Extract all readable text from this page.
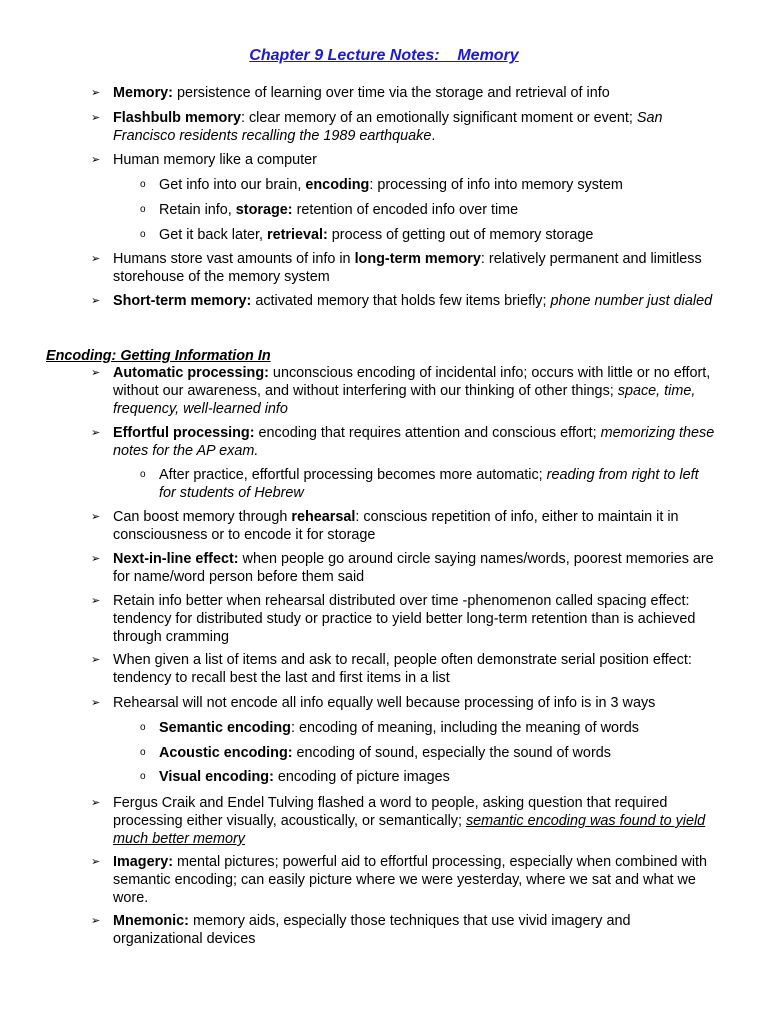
Chapter 9 Lecture Notes:    Memory
➢ Memory: persistence of learning over time via the storage and retrieval of info
➢ Flashbulb memory: clear memory of an emotionally significant moment or event; San Francisco residents recalling the 1989 earthquake.
➢ Human memory like a computer
o Get info into our brain, encoding: processing of info into memory system
o Retain info, storage: retention of encoded info over time
o Get it back later, retrieval: process of getting out of memory storage
➢ Humans store vast amounts of info in long-term memory: relatively permanent and limitless storehouse of the memory system
➢ Short-term memory: activated memory that holds few items briefly; phone number just dialed
Encoding: Getting Information In
➢ Automatic processing: unconscious encoding of incidental info; occurs with little or no effort, without our awareness, and without interfering with our thinking of other things; space, time, frequency, well-learned info
➢ Effortful processing: encoding that requires attention and conscious effort; memorizing these notes for the AP exam.
o After practice, effortful processing becomes more automatic; reading from right to left for students of Hebrew
➢ Can boost memory through rehearsal: conscious repetition of info, either to maintain it in consciousness or to encode it for storage
➢ Next-in-line effect: when people go around circle saying names/words, poorest memories are for name/word person before them said
➢ Retain info better when rehearsal distributed over time -phenomenon called spacing effect: tendency for distributed study or practice to yield better long-term retention than is achieved through cramming
➢ When given a list of items and ask to recall, people often demonstrate serial position effect: tendency to recall best the last and first items in a list
➢ Rehearsal will not encode all info equally well because processing of info is in 3 ways
o Semantic encoding: encoding of meaning, including the meaning of words
o Acoustic encoding: encoding of sound, especially the sound of words
o Visual encoding: encoding of picture images
➢ Fergus Craik and Endel Tulving flashed a word to people, asking question that required processing either visually, acoustically, or semantically; semantic encoding was found to yield much better memory
➢ Imagery: mental pictures; powerful aid to effortful processing, especially when combined with semantic encoding; can easily picture where we were yesterday, where we sat and what we wore.
➢ Mnemonic: memory aids, especially those techniques that use vivid imagery and organizational devices
